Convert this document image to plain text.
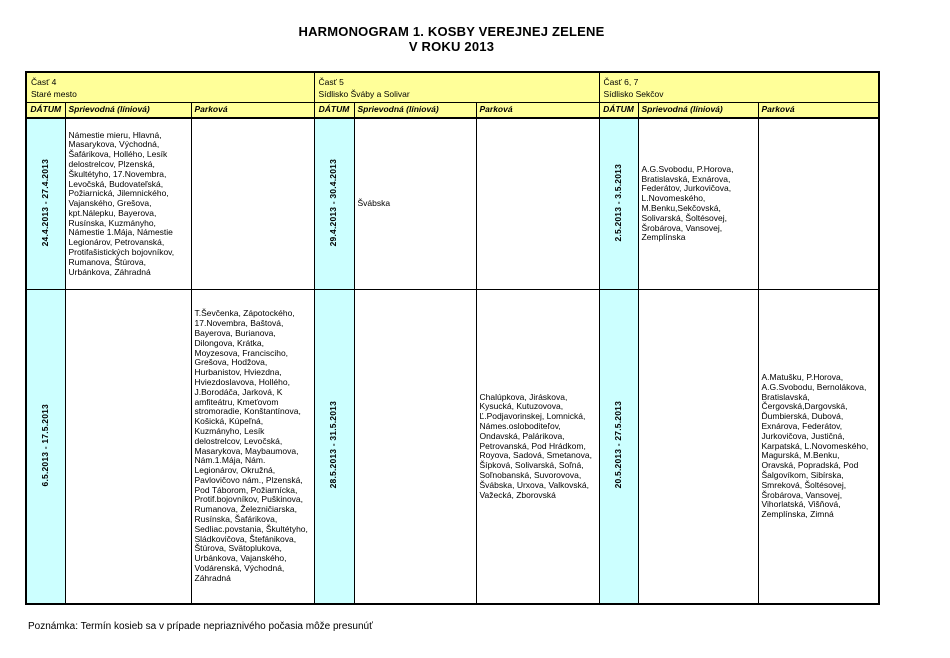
HARMONOGRAM 1. KOSBY VEREJNEJ ZELENE
V ROKU 2013
Časť 4
Staré mesto

Časť 5
Sídlisko Šváby a Solivar

Časť 6, 7
Sídlisko Sekčov

DÁTUM	Sprievodná (líniová)	Parková	DÁTUM	Sprievodná (líniová)	Parková	DÁTUM	Sprievodná (líniová)	Parková
24.4.2013 - 27.4.2013	Námestie mieru, Hlavná, Masarykova, Východná, Šafárikova, Hollého, Lesík delostrelcov, Plzenská, Škultétyho, 17.Novembra, Levočská, Budovateľská, Požiarnická, Jilemnického, Vajanského, Grešova, kpt.Nálepku, Bayerova, Rusínska, Kuzmányho, Námestie 1.Mája, Námestie Legionárov, Petrovanská, Protifašistických bojovníkov, Rumanova, Štúrova, Urbánkova, Záhradná		29.4.2013 - 30.4.2013	Švábska		2.5.2013 - 3.5.2013	A.G.Svobodu, P.Horova, Bratislavská, Exnárova, Federátov, Jurkovičova, L.Novomeského, M.Benku,Sekčovská, Solivarská, Šoltésovej, Šrobárova, Vansovej, Zemplínska	
6.5.2013 - 17.5.2013		T.Ševčenka, Zápotockého, 17.Novembra, Baštová, Bayerova, Burianova, Dilongova, Krátka, Moyzesova, Francisciho, Grešova, Hodžova, Hurbanistov, Hviezdna, Hviezdoslavova, Hollého, J.Borodáča, Jarková, K amfiteátru, Kmeťovom stromoradie, Konštantínova, Košická, Kúpeľná, Kuzmányho, Lesík delostrelcov, Levočská, Masarykova, Maybaumova, Nám.1.Mája, Nám. Legionárov, Okružná, Pavlovičovo nám., Plzenská, Pod Táborom, Požiarnícka, Protif.bojovníkov, Puškinova, Rumanova, Železničiarska, Rusínska, Šafárikova, Sedliac.povstania, Škultétyho, Sládkovičova, Štefánikova, Štúrova, Svätoplukova, Urbánkova, Vajanského, Vodárenská, Východná, Záhradná	28.5.2013 - 31.5.2013		Chalúpkova, Jiráskova, Kysucká, Kutuzovova, Ľ.Podjavorinskej, Lomnická, Námes.osloboditeľov, Ondavská, Palárikova, Petrovanská, Pod Hrádkom, Royova, Sadová, Smetanova, Šípková, Solivarská, Soľná, Soľnobanská, Suvorovova, Švábska, Urxova, Valkovská, Važecká, Zborovská	20.5.2013 - 27.5.2013		A.Matušku, P.Horova, A.G.Svobodu, Bernolákova, Bratislavská, Čergovská,Dargovská, Ďumbierská, Dubová, Exnárova, Federátov, Jurkovičova, Justičná, Karpatská, L.Novomeského, Magurská, M.Benku, Oravská, Popradská, Pod Šalgovíkom, Sibírska, Smreková, Šoltésovej, Šrobárova, Vansovej, Vihorlatská, Višňová, Zemplínska, Zimná
Poznámka: Termín kosieb sa v prípade nepriaznivého počasia môže presunúť
